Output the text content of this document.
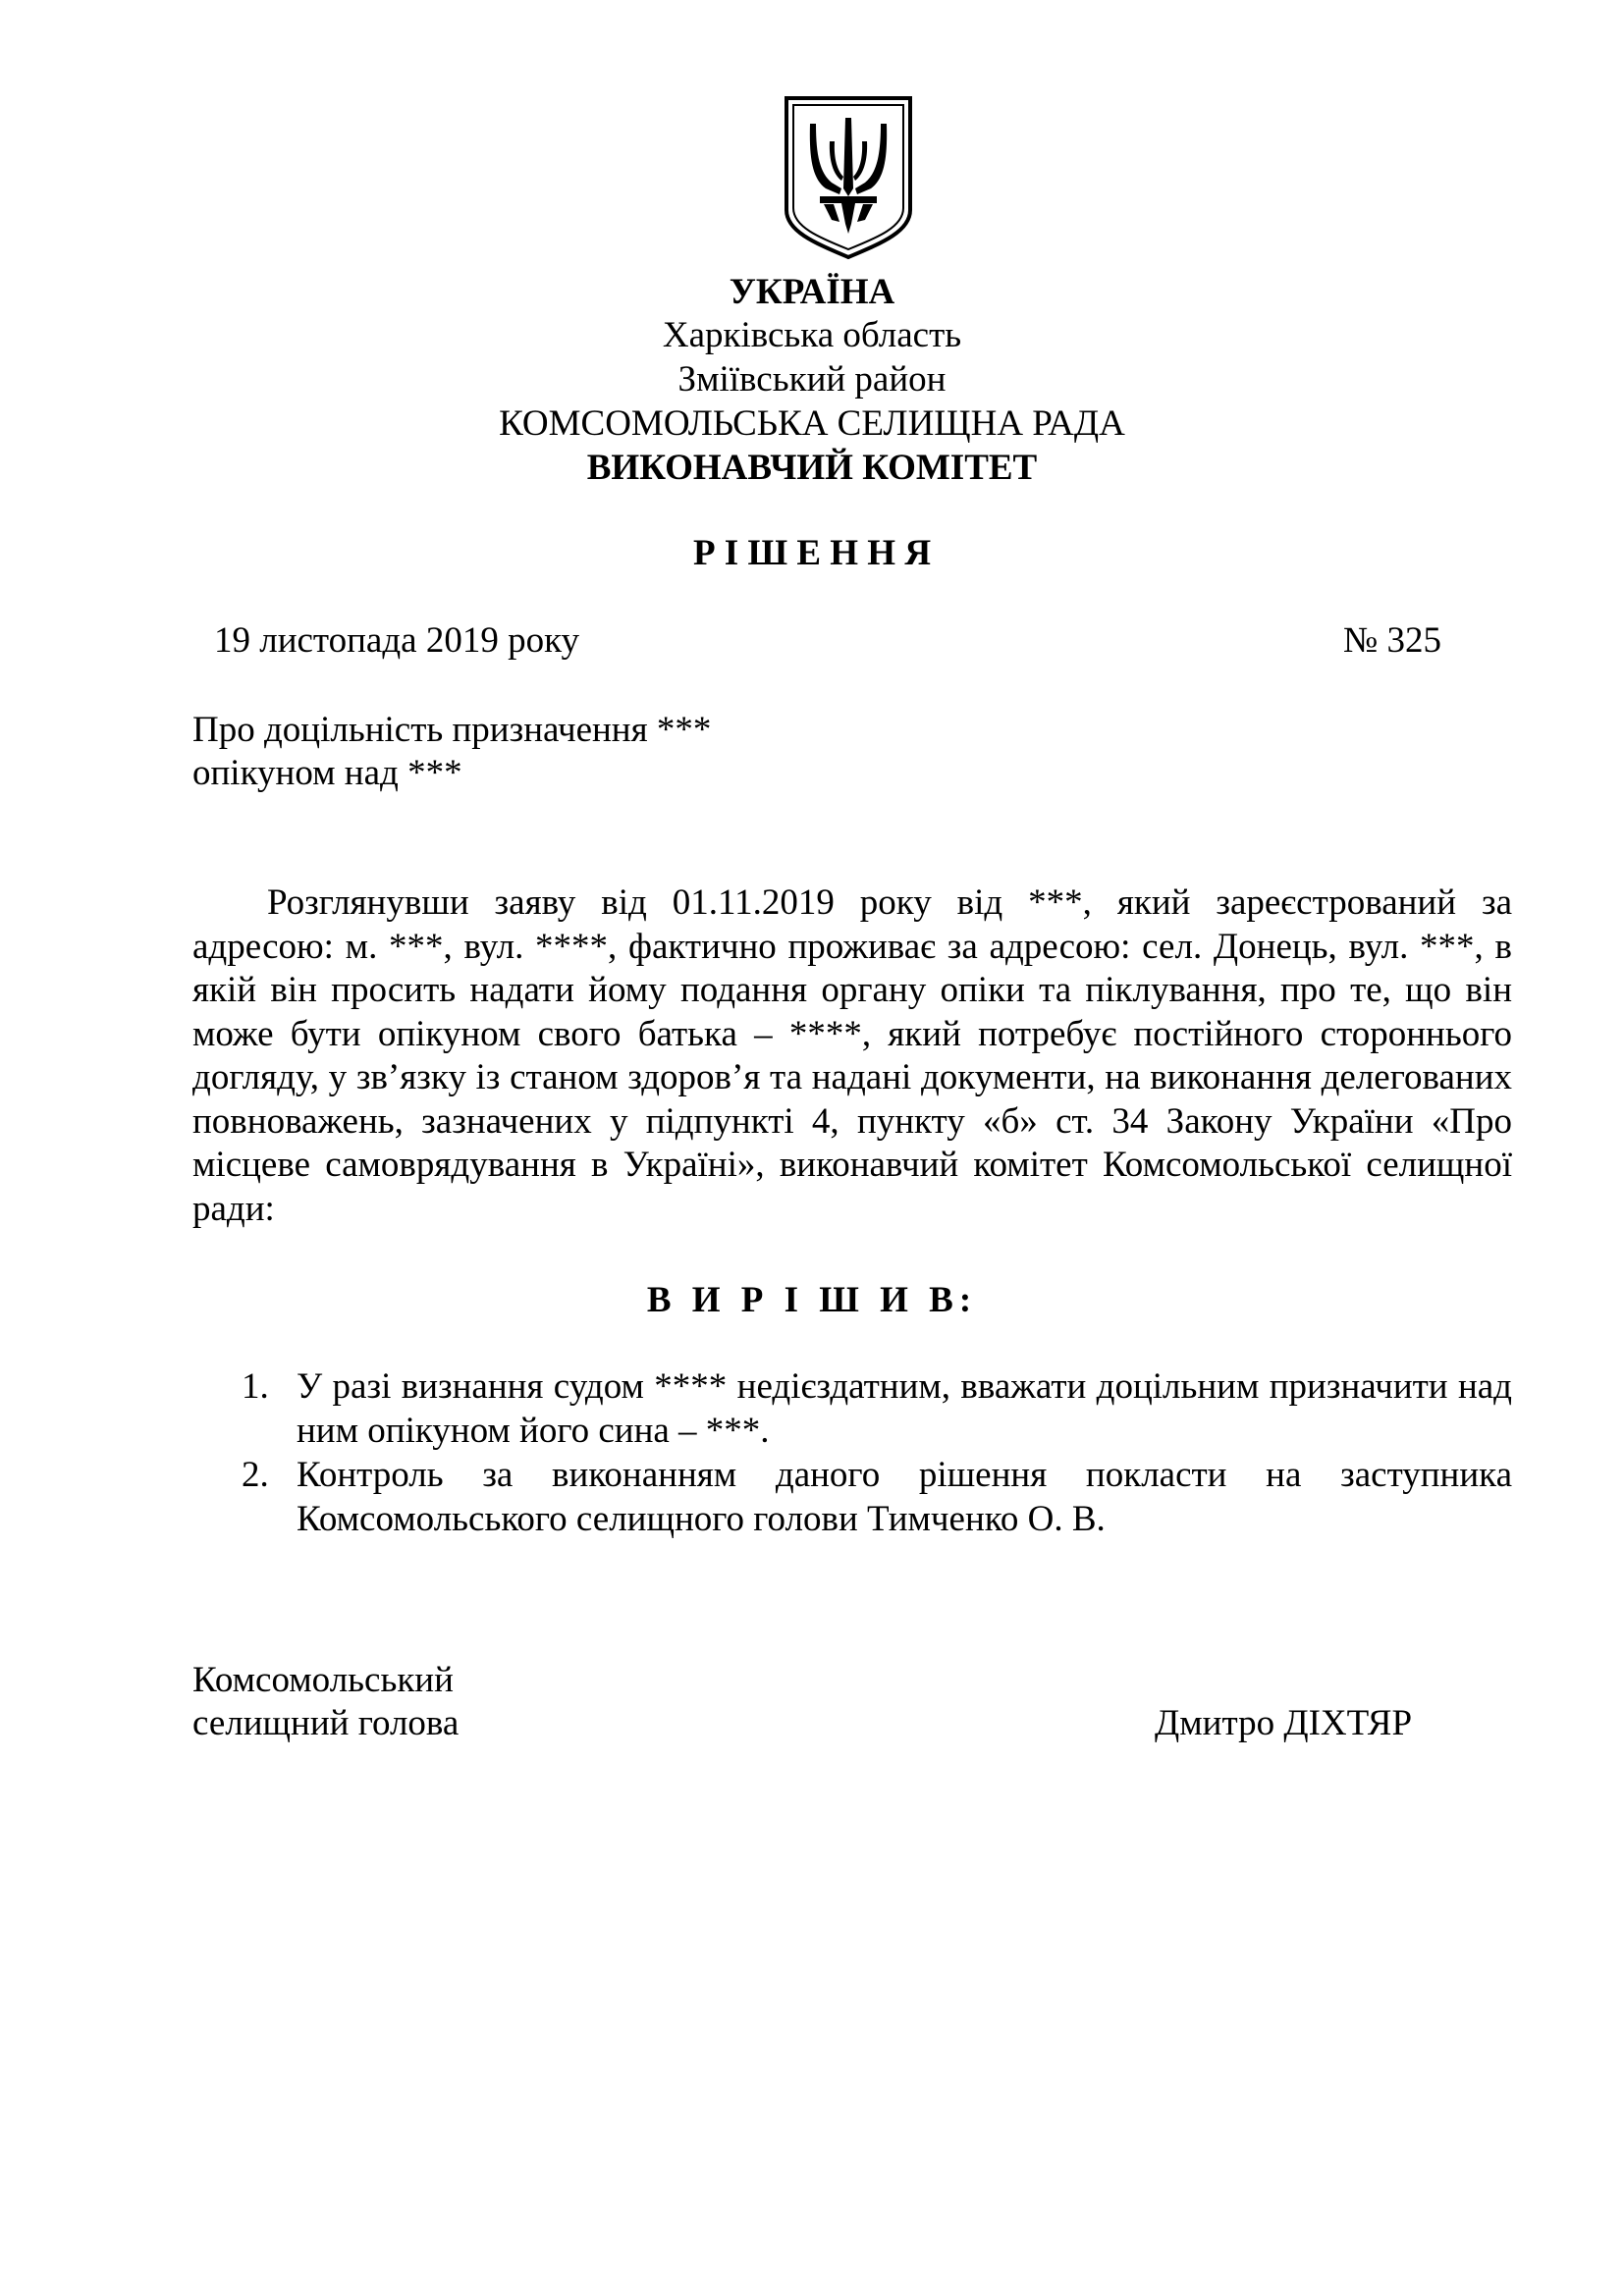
УКРАЇНА
Харківська область
Зміївський район
КОМСОМОЛЬСЬКА СЕЛИЩНА РАДА
ВИКОНАВЧИЙ КОМІТЕТ
Р І Ш Е Н Н Я
19 листопада 2019 року	№ 325
Про доцільність призначення ***
опікуном над ***

Розглянувши заяву від 01.11.2019 року від ***, який зареєстрований за адресою: м. ***, вул. ****, фактично проживає за адресою: сел. Донець, вул. ***, в якій він просить надати йому подання органу опіки та піклування, про те, що він може бути опікуном свого батька – ****, який потребує постійного стороннього догляду, у зв’язку із станом здоров’я та надані документи, на виконання делегованих повноважень, зазначених у підпункті 4, пункту «б» ст. 34 Закону України «Про місцеве самоврядування в Україні», виконавчий комітет Комсомольської селищної ради:

В И Р І Ш И В:
1. У разі визнання судом **** недієздатним, вважати доцільним призначити над ним опікуном його сина – ***.
2. Контроль за виконанням даного рішення покласти на заступника Комсомольського селищного голови Тимченко О. В.
Комсомольський
селищний голова	Дмитро ДІХТЯР
